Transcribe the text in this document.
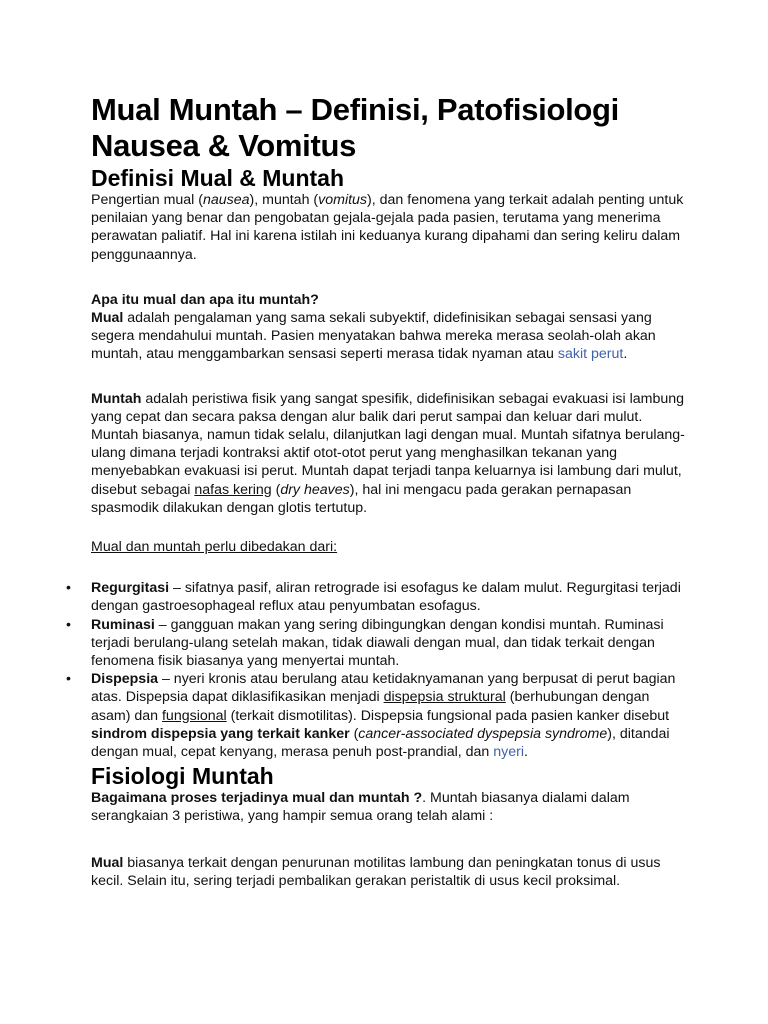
Mual Muntah – Definisi, Patofisiologi Nausea & Vomitus
Definisi Mual & Muntah

Pengertian mual (nausea), muntah (vomitus), dan fenomena yang terkait adalah penting untuk penilaian yang benar dan pengobatan gejala-gejala pada pasien, terutama yang menerima perawatan paliatif. Hal ini karena istilah ini keduanya kurang dipahami dan sering keliru dalam penggunaannya.

Apa itu mual dan apa itu muntah?

Mual adalah pengalaman yang sama sekali subyektif, didefinisikan sebagai sensasi yang segera mendahului muntah. Pasien menyatakan bahwa mereka merasa seolah-olah akan muntah, atau menggambarkan sensasi seperti merasa tidak nyaman atau sakit perut.

Muntah adalah peristiwa fisik yang sangat spesifik, didefinisikan sebagai evakuasi isi lambung yang cepat dan secara paksa dengan alur balik dari perut sampai dan keluar dari mulut. Muntah biasanya, namun tidak selalu, dilanjutkan lagi dengan mual. Muntah sifatnya berulang-ulang dimana terjadi kontraksi aktif otot-otot perut yang menghasilkan tekanan yang menyebabkan evakuasi isi perut. Muntah dapat terjadi tanpa keluarnya isi lambung dari mulut, disebut sebagai nafas kering (dry heaves), hal ini mengacu pada gerakan pernapasan spasmodik dilakukan dengan glotis tertutup.

Mual dan muntah perlu dibedakan dari:

• Regurgitasi – sifatnya pasif, aliran retrograde isi esofagus ke dalam mulut. Regurgitasi terjadi dengan gastroesophageal reflux atau penyumbatan esofagus.
• Ruminasi – gangguan makan yang sering dibingungkan dengan kondisi muntah. Ruminasi terjadi berulang-ulang setelah makan, tidak diawali dengan mual, dan tidak terkait dengan fenomena fisik biasanya yang menyertai muntah.
• Dispepsia – nyeri kronis atau berulang atau ketidaknyamanan yang berpusat di perut bagian atas. Dispepsia dapat diklasifikasikan menjadi dispepsia struktural (berhubungan dengan asam) dan fungsional (terkait dismotilitas). Dispepsia fungsional pada pasien kanker disebut sindrom dispepsia yang terkait kanker (cancer-associated dyspepsia syndrome), ditandai dengan mual, cepat kenyang, merasa penuh post-prandial, dan nyeri.
Fisiologi Muntah

Bagaimana proses terjadinya mual dan muntah ?. Muntah biasanya dialami dalam serangkaian 3 peristiwa, yang hampir semua orang telah alami :

Mual biasanya terkait dengan penurunan motilitas lambung dan peningkatan tonus di usus kecil. Selain itu, sering terjadi pembalikan gerakan peristaltik di usus kecil proksimal.
